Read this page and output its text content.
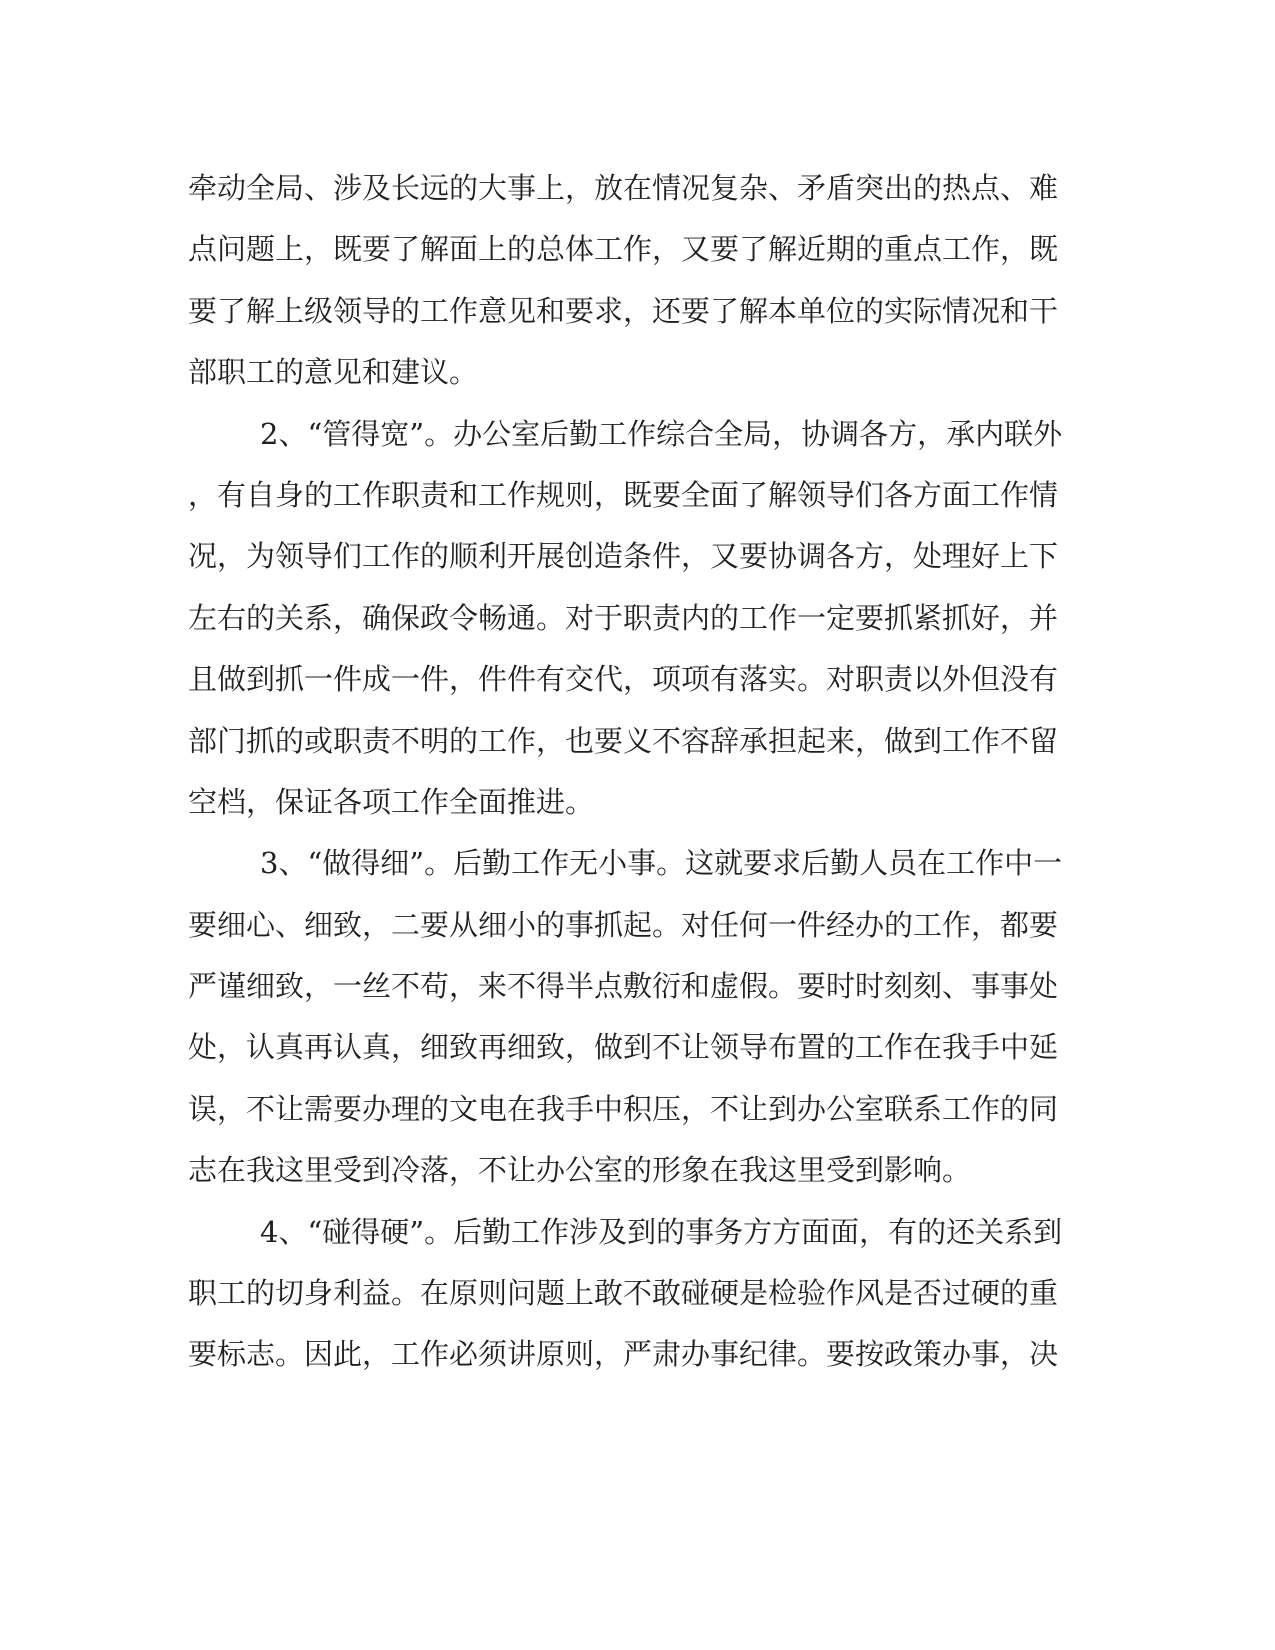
牵动全局、涉及长远的大事上，放在情况复杂、矛盾突出的热点、难
点问题上，既要了解面上的总体工作，又要了解近期的重点工作，既
要了解上级领导的工作意见和要求，还要了解本单位的实际情况和干
部职工的意见和建议。
2、“管得宽”。办公室后勤工作综合全局，协调各方，承内联外
，有自身的工作职责和工作规则，既要全面了解领导们各方面工作情
况，为领导们工作的顺利开展创造条件，又要协调各方，处理好上下
左右的关系，确保政令畅通。对于职责内的工作一定要抓紧抓好，并
且做到抓一件成一件，件件有交代，项项有落实。对职责以外但没有
部门抓的或职责不明的工作，也要义不容辞承担起来，做到工作不留
空档，保证各项工作全面推进。
3、“做得细”。后勤工作无小事。这就要求后勤人员在工作中一
要细心、细致，二要从细小的事抓起。对任何一件经办的工作，都要
严谨细致，一丝不苟，来不得半点敷衍和虚假。要时时刻刻、事事处
处，认真再认真，细致再细致，做到不让领导布置的工作在我手中延
误，不让需要办理的文电在我手中积压，不让到办公室联系工作的同
志在我这里受到冷落，不让办公室的形象在我这里受到影响。
4、“碰得硬”。后勤工作涉及到的事务方方面面，有的还关系到
职工的切身利益。在原则问题上敢不敢碰硬是检验作风是否过硬的重
要标志。因此，工作必须讲原则，严肃办事纪律。要按政策办事，决
